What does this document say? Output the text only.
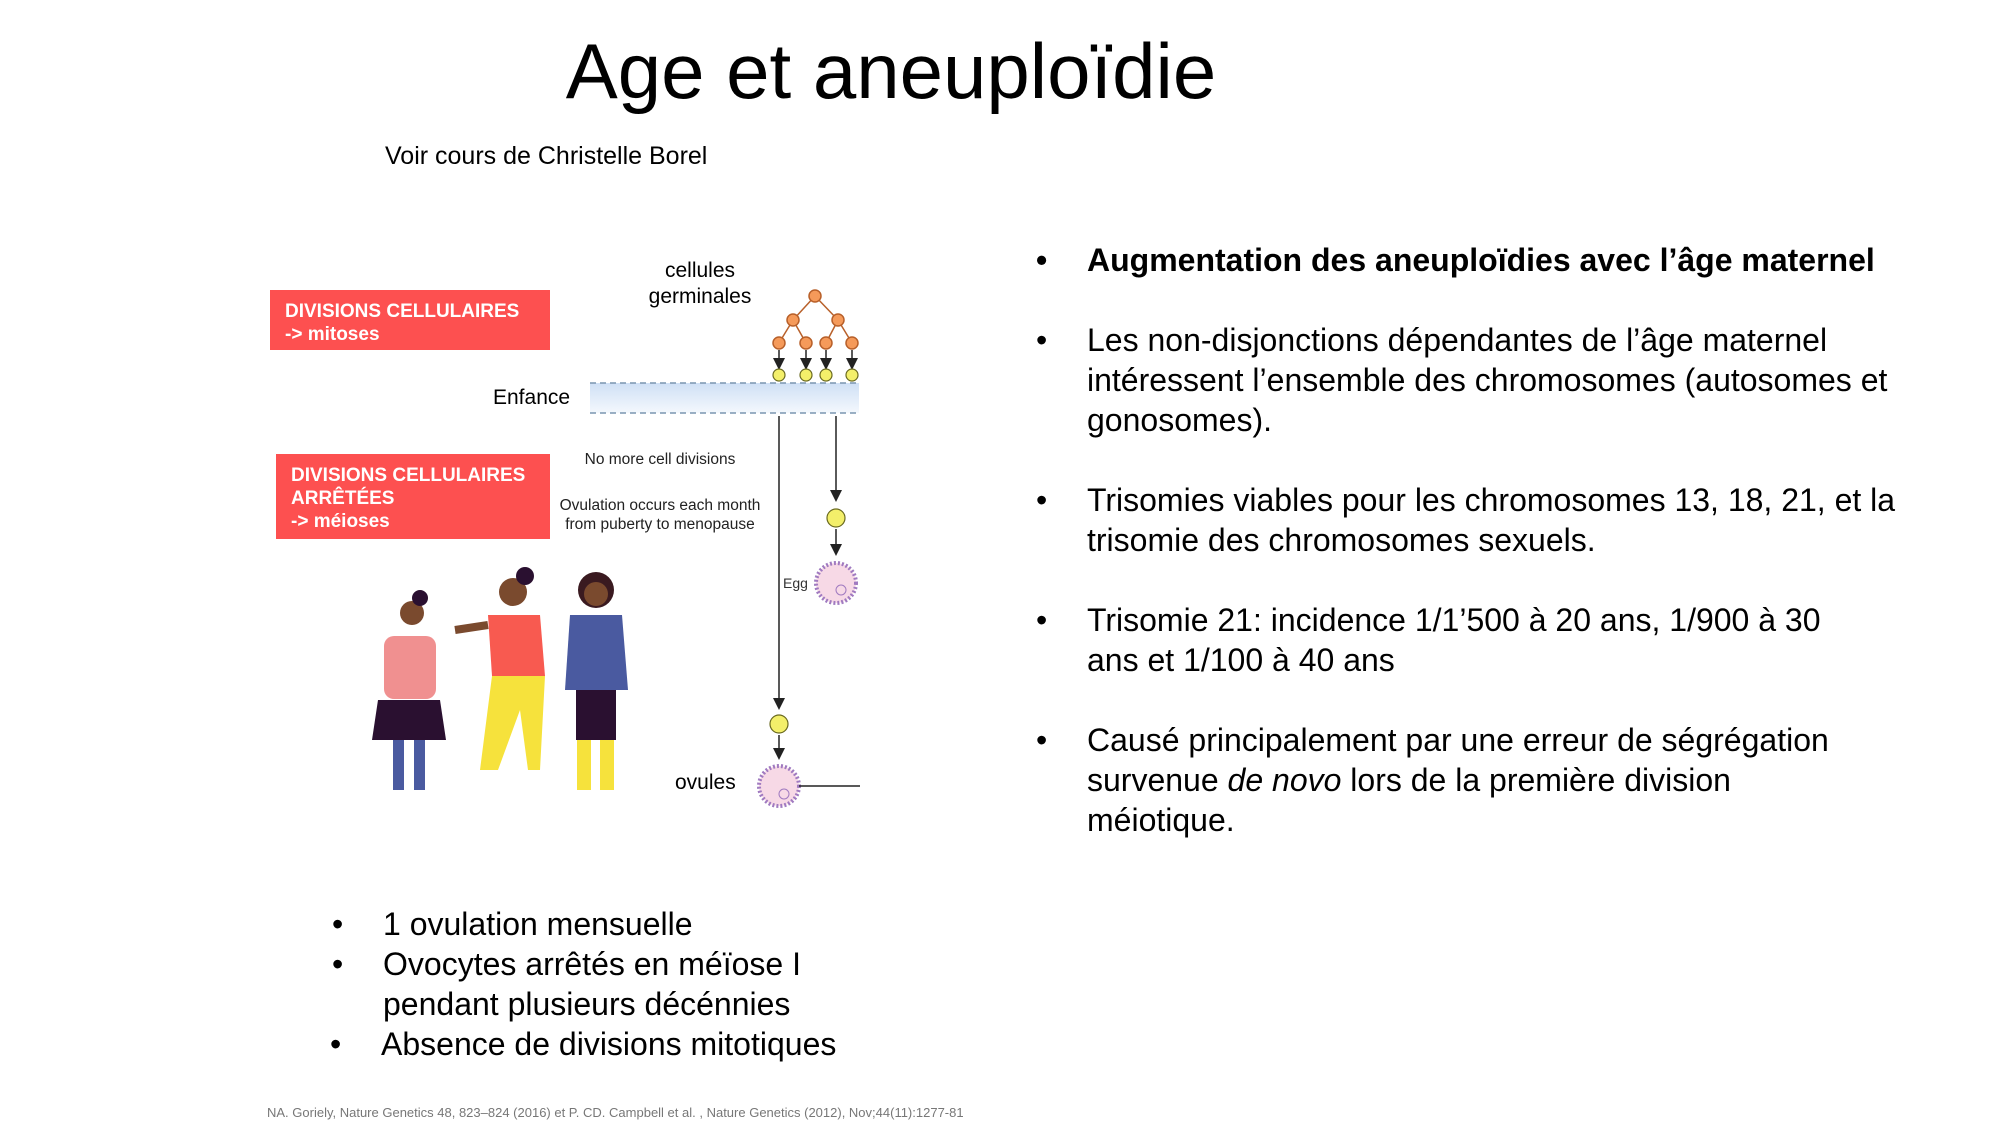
Age et aneuploïdie
Voir cours de Christelle Borel
DIVISIONS CELLULAIRES
-> mitoses
DIVISIONS CELLULAIRES
ARRÊTÉES
-> méioses
cellules
germinales
Enfance
No more cell divisions
Ovulation occurs each month
from puberty to menopause
Egg
ovules
• Augmentation des aneuploïdies avec l’âge maternel
• Les non-disjonctions dépendantes de l’âge maternel intéressent l’ensemble des chromosomes (autosomes et gonosomes).
• Trisomies viables pour les chromosomes 13, 18, 21, et la trisomie des chromosomes sexuels.
• Trisomie 21: incidence 1/1’500 à 20 ans, 1/900 à 30 ans et 1/100 à 40 ans
• Causé principalement par une erreur de ségrégation survenue de novo lors de la première division méiotique.
• 1 ovulation mensuelle
• Ovocytes arrêtés en méïose I pendant plusieurs décénnies
• Absence de divisions mitotiques
NA. Goriely, Nature Genetics 48, 823–824 (2016) et P. CD. Campbell et al. , Nature Genetics (2012), Nov;44(11):1277-81
